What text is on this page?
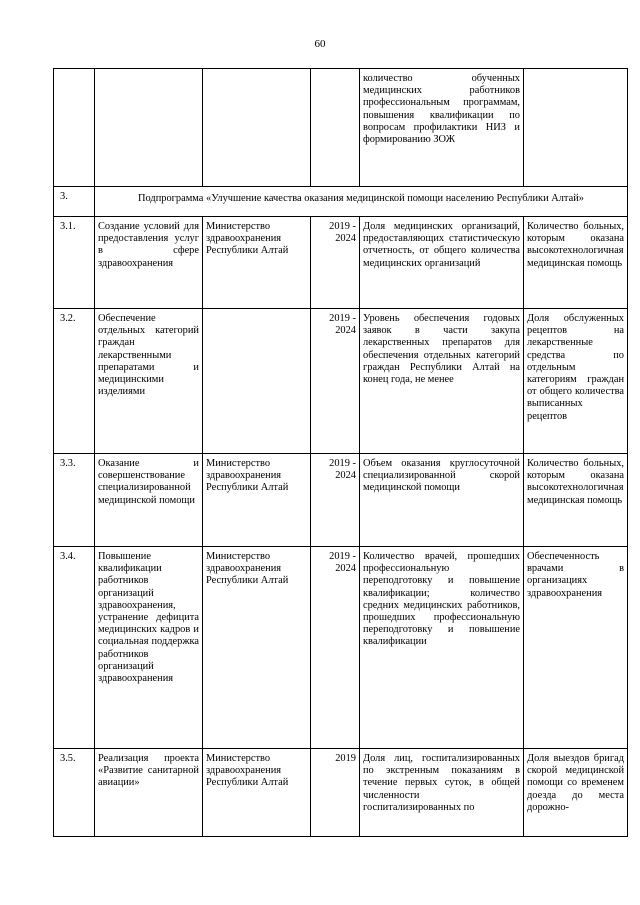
60
				количество обученных медицинских работников профессиональным программам, повышения квалификации по вопросам профилактики НИЗ и формированию ЗОЖ	
3.	Подпрограмма «Улучшение качества оказания медицинской помощи населению Республики Алтай»				
3.1.	Создание условий для предоставления услуг в сфере здравоохранения	Министерство здравоохранения Республики Алтай	2019 - 2024	Доля медицинских организаций, предоставляющих статистическую отчетность, от общего количества медицинских организаций	Количество больных, которым оказана высокотехнологичная медицинская помощь
3.2.	Обеспечение отдельных категорий граждан лекарственными препаратами и медицинскими изделиями		2019 - 2024	Уровень обеспечения годовых заявок в части закупа лекарственных препаратов для обеспечения отдельных категорий граждан Республики Алтай на конец года, не менее	Доля обслуженных рецептов на лекарственные средства по отдельным категориям граждан от общего количества выписанных рецептов
3.3.	Оказание и совершенствование специализированной медицинской помощи	Министерство здравоохранения Республики Алтай	2019 - 2024	Объем оказания круглосуточной специализированной скорой медицинской помощи	Количество больных, которым оказана высокотехнологичная медицинская помощь
3.4.	Повышение квалификации работников организаций здравоохранения, устранение дефицита медицинских кадров и социальная поддержка работников организаций здравоохранения	Министерство здравоохранения Республики Алтай	2019 - 2024	Количество врачей, прошедших профессиональную переподготовку и повышение квалификации; количество средних медицинских работников, прошедших профессиональную переподготовку и повышение квалификации	Обеспеченность врачами в организациях здравоохранения
3.5.	Реализация проекта «Развитие санитарной авиации»	Министерство здравоохранения Республики Алтай	2019	Доля лиц, госпитализированных по экстренным показаниям в течение первых суток, в общей численности госпитализированных по	Доля выездов бригад скорой медицинской помощи со временем доезда до места дорожно-
